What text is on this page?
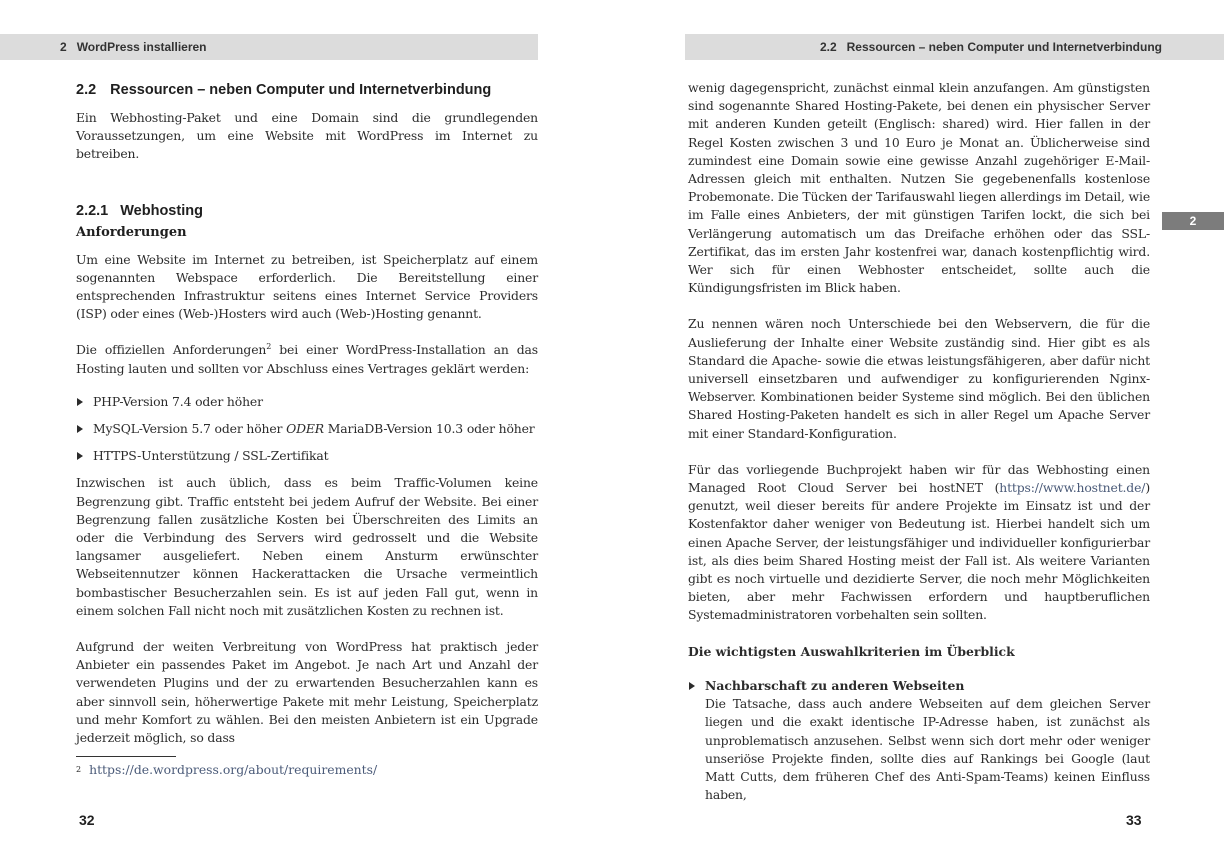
2 WordPress installieren
2.2 Ressourcen – neben Computer und Internetverbindung

Ein Webhosting-Paket und eine Domain sind die grundlegenden Voraussetzungen, um eine Website mit WordPress im Internet zu betreiben.

2.2.1 Webhosting
Anforderungen

Um eine Website im Internet zu betreiben, ist Speicherplatz auf einem sogenannten Webspace erforderlich. Die Bereitstellung einer entsprechenden Infrastruktur seitens eines Internet Service Providers (ISP) oder eines (Web-)Hosters wird auch (Web-)Hosting genannt.

Die offiziellen Anforderungen$^2$ bei einer WordPress-Installation an das Hosting lauten und sollten vor Abschluss eines Vertrages geklärt werden:

PHP-Version 7.4 oder höher
MySQL-Version 5.7 oder höher ODER MariaDB-Version 10.3 oder höher
HTTPS-Unterstützung / SSL-Zertifikat

Inzwischen ist auch üblich, dass es beim Traffic-Volumen keine Begrenzung gibt. Traffic entsteht bei jedem Aufruf der Website. Bei einer Begrenzung fallen zusätzliche Kosten bei Überschreiten des Limits an oder die Verbindung des Servers wird gedrosselt und die Website langsamer ausgeliefert. Neben einem Ansturm erwünschter Webseitennutzer können Hackerattacken die Ursache vermeintlich bombastischer Besucherzahlen sein. Es ist auf jeden Fall gut, wenn in einem solchen Fall nicht noch mit zusätzlichen Kosten zu rechnen ist.

Aufgrund der weiten Verbreitung von WordPress hat praktisch jeder Anbieter ein passendes Paket im Angebot. Je nach Art und Anzahl der verwendeten Plugins und der zu erwartenden Besucherzahlen kann es aber sinnvoll sein, höherwertige Pakete mit mehr Leistung, Speicherplatz und mehr Komfort zu wählen. Bei den meisten Anbietern ist ein Upgrade jederzeit möglich, so dass

$^2$ https://de.wordpress.org/about/requirements/
32
2.2 Ressourcen – neben Computer und Internetverbindung
2

wenig dagegenspricht, zunächst einmal klein anzufangen. Am günstigsten sind sogenannte Shared Hosting-Pakete, bei denen ein physischer Server mit anderen Kunden geteilt (Englisch: shared) wird. Hier fallen in der Regel Kosten zwischen 3 und 10 Euro je Monat an. Üblicherweise sind zumindest eine Domain sowie eine gewisse Anzahl zugehöriger E-Mail-Adressen gleich mit enthalten. Nutzen Sie gegebenenfalls kostenlose Probemonate. Die Tücken der Tarifauswahl liegen allerdings im Detail, wie im Falle eines Anbieters, der mit günstigen Tarifen lockt, die sich bei Verlängerung automatisch um das Dreifache erhöhen oder das SSL-Zertifikat, das im ersten Jahr kostenfrei war, danach kostenpflichtig wird. Wer sich für einen Webhoster entscheidet, sollte auch die Kündigungsfristen im Blick haben.

Zu nennen wären noch Unterschiede bei den Webservern, die für die Auslieferung der Inhalte einer Website zuständig sind. Hier gibt es als Standard die Apache- sowie die etwas leistungsfähigeren, aber dafür nicht universell einsetzbaren und aufwendiger zu konfigurierenden Nginx-Webserver. Kombinationen beider Systeme sind möglich. Bei den üblichen Shared Hosting-Paketen handelt es sich in aller Regel um Apache Server mit einer Standard-Konfiguration.

Für das vorliegende Buchprojekt haben wir für das Webhosting einen Managed Root Cloud Server bei hostNET (https://www.hostnet.de/) genutzt, weil dieser bereits für andere Projekte im Einsatz ist und der Kostenfaktor daher weniger von Bedeutung ist. Hierbei handelt sich um einen Apache Server, der leistungsfähiger und individueller konfigurierbar ist, als dies beim Shared Hosting meist der Fall ist. Als weitere Varianten gibt es noch virtuelle und dezidierte Server, die noch mehr Möglichkeiten bieten, aber mehr Fachwissen erfordern und hauptberuflichen Systemadministratoren vorbehalten sein sollten.

Die wichtigsten Auswahlkriterien im Überblick
Nachbarschaft zu anderen Webseiten

Die Tatsache, dass auch andere Webseiten auf dem gleichen Server liegen und die exakt identische IP-Adresse haben, ist zunächst als unproblematisch anzusehen. Selbst wenn sich dort mehr oder weniger unseriöse Projekte finden, sollte dies auf Rankings bei Google (laut Matt Cutts, dem früheren Chef des Anti-Spam-Teams) keinen Einfluss haben,

33
